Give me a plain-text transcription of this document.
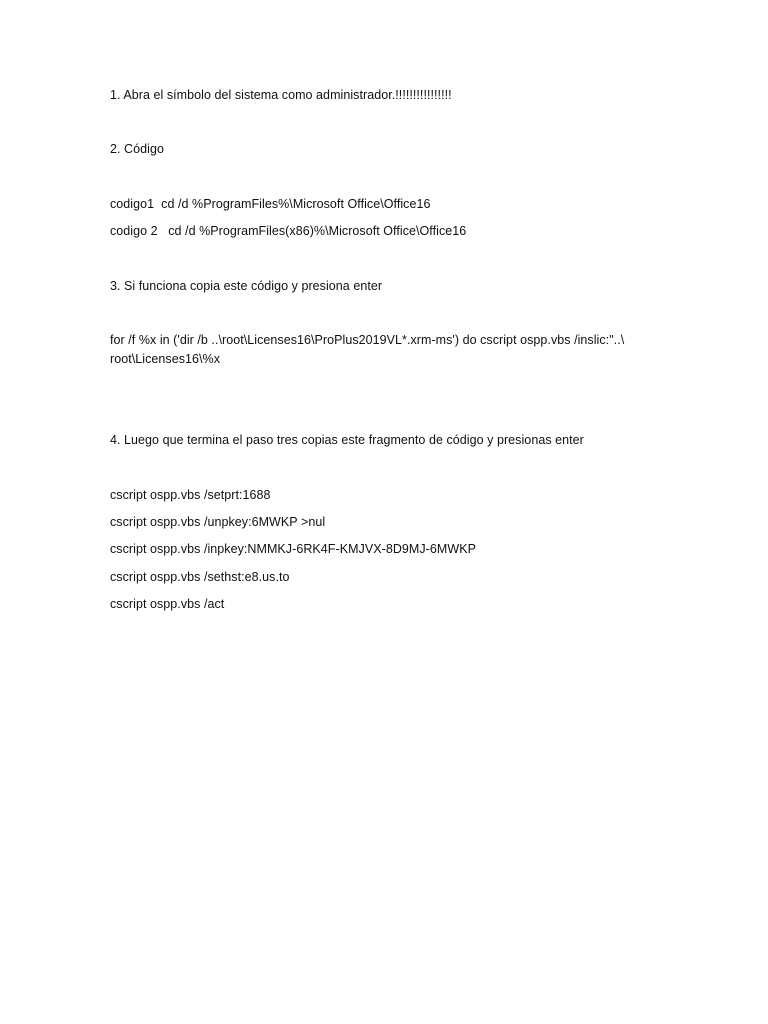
1. Abra el símbolo del sistema como administrador.!!!!!!!!!!!!!!!!
2. Código
codigo1  cd /d %ProgramFiles%\Microsoft Office\Office16
codigo 2   cd /d %ProgramFiles(x86)%\Microsoft Office\Office16
3. Si funciona copia este código y presiona enter
for /f %x in ('dir /b ..\root\Licenses16\ProPlus2019VL*.xrm-ms') do cscript ospp.vbs /inslic:"..\
root\Licenses16\%x
4. Luego que termina el paso tres copias este fragmento de código y presionas enter
cscript ospp.vbs /setprt:1688
cscript ospp.vbs /unpkey:6MWKP >nul
cscript ospp.vbs /inpkey:NMMKJ-6RK4F-KMJVX-8D9MJ-6MWKP
cscript ospp.vbs /sethst:e8.us.to
cscript ospp.vbs /act
